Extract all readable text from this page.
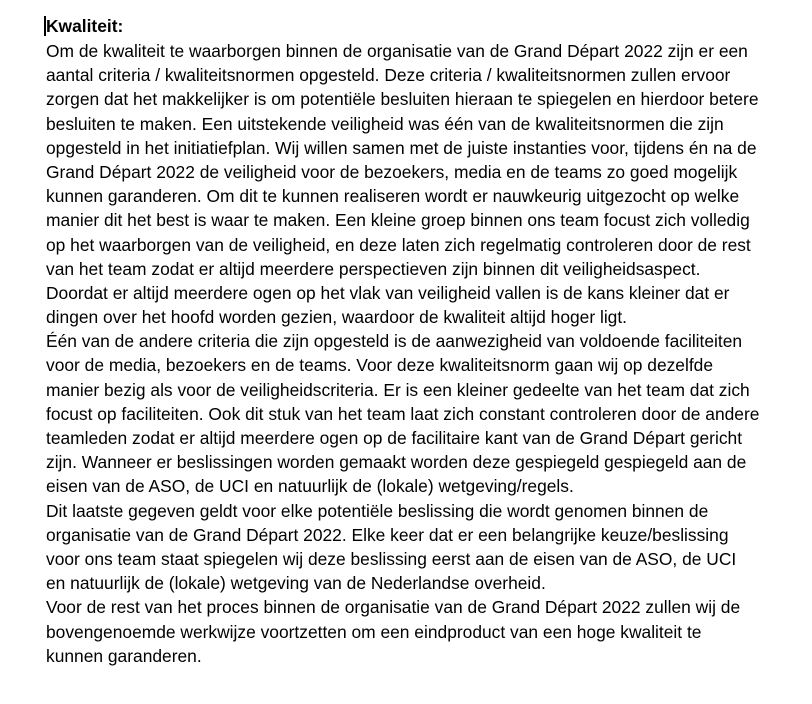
Kwaliteit:
Om de kwaliteit te waarborgen binnen de organisatie van de Grand Départ 2022 zijn er een
aantal criteria / kwaliteitsnormen opgesteld. Deze criteria / kwaliteitsnormen zullen ervoor
zorgen dat het makkelijker is om potentiële besluiten hieraan te spiegelen en hierdoor betere
besluiten te maken. Een uitstekende veiligheid was één van de kwaliteitsnormen die zijn
opgesteld in het initiatiefplan. Wij willen samen met de juiste instanties voor, tijdens én na de
Grand Départ 2022 de veiligheid voor de bezoekers, media en de teams zo goed mogelijk
kunnen garanderen. Om dit te kunnen realiseren wordt er nauwkeurig uitgezocht op welke
manier dit het best is waar te maken. Een kleine groep binnen ons team focust zich volledig
op het waarborgen van de veiligheid, en deze laten zich regelmatig controleren door de rest
van het team zodat er altijd meerdere perspectieven zijn binnen dit veiligheidsaspect.
Doordat er altijd meerdere ogen op het vlak van veiligheid vallen is de kans kleiner dat er
dingen over het hoofd worden gezien, waardoor de kwaliteit altijd hoger ligt.
Één van de andere criteria die zijn opgesteld is de aanwezigheid van voldoende faciliteiten
voor de media, bezoekers en de teams. Voor deze kwaliteitsnorm gaan wij op dezelfde
manier bezig als voor de veiligheidscriteria. Er is een kleiner gedeelte van het team dat zich
focust op faciliteiten. Ook dit stuk van het team laat zich constant controleren door de andere
teamleden zodat er altijd meerdere ogen op de facilitaire kant van de Grand Départ gericht
zijn. Wanneer er beslissingen worden gemaakt worden deze gespiegeld gespiegeld aan de
eisen van de ASO, de UCI en natuurlijk de (lokale) wetgeving/regels.
Dit laatste gegeven geldt voor elke potentiële beslissing die wordt genomen binnen de
organisatie van de Grand Départ 2022. Elke keer dat er een belangrijke keuze/beslissing
voor ons team staat spiegelen wij deze beslissing eerst aan de eisen van de ASO, de UCI
en natuurlijk de (lokale) wetgeving van de Nederlandse overheid.
Voor de rest van het proces binnen de organisatie van de Grand Départ 2022 zullen wij de
bovengenoemde werkwijze voortzetten om een eindproduct van een hoge kwaliteit te
kunnen garanderen.
